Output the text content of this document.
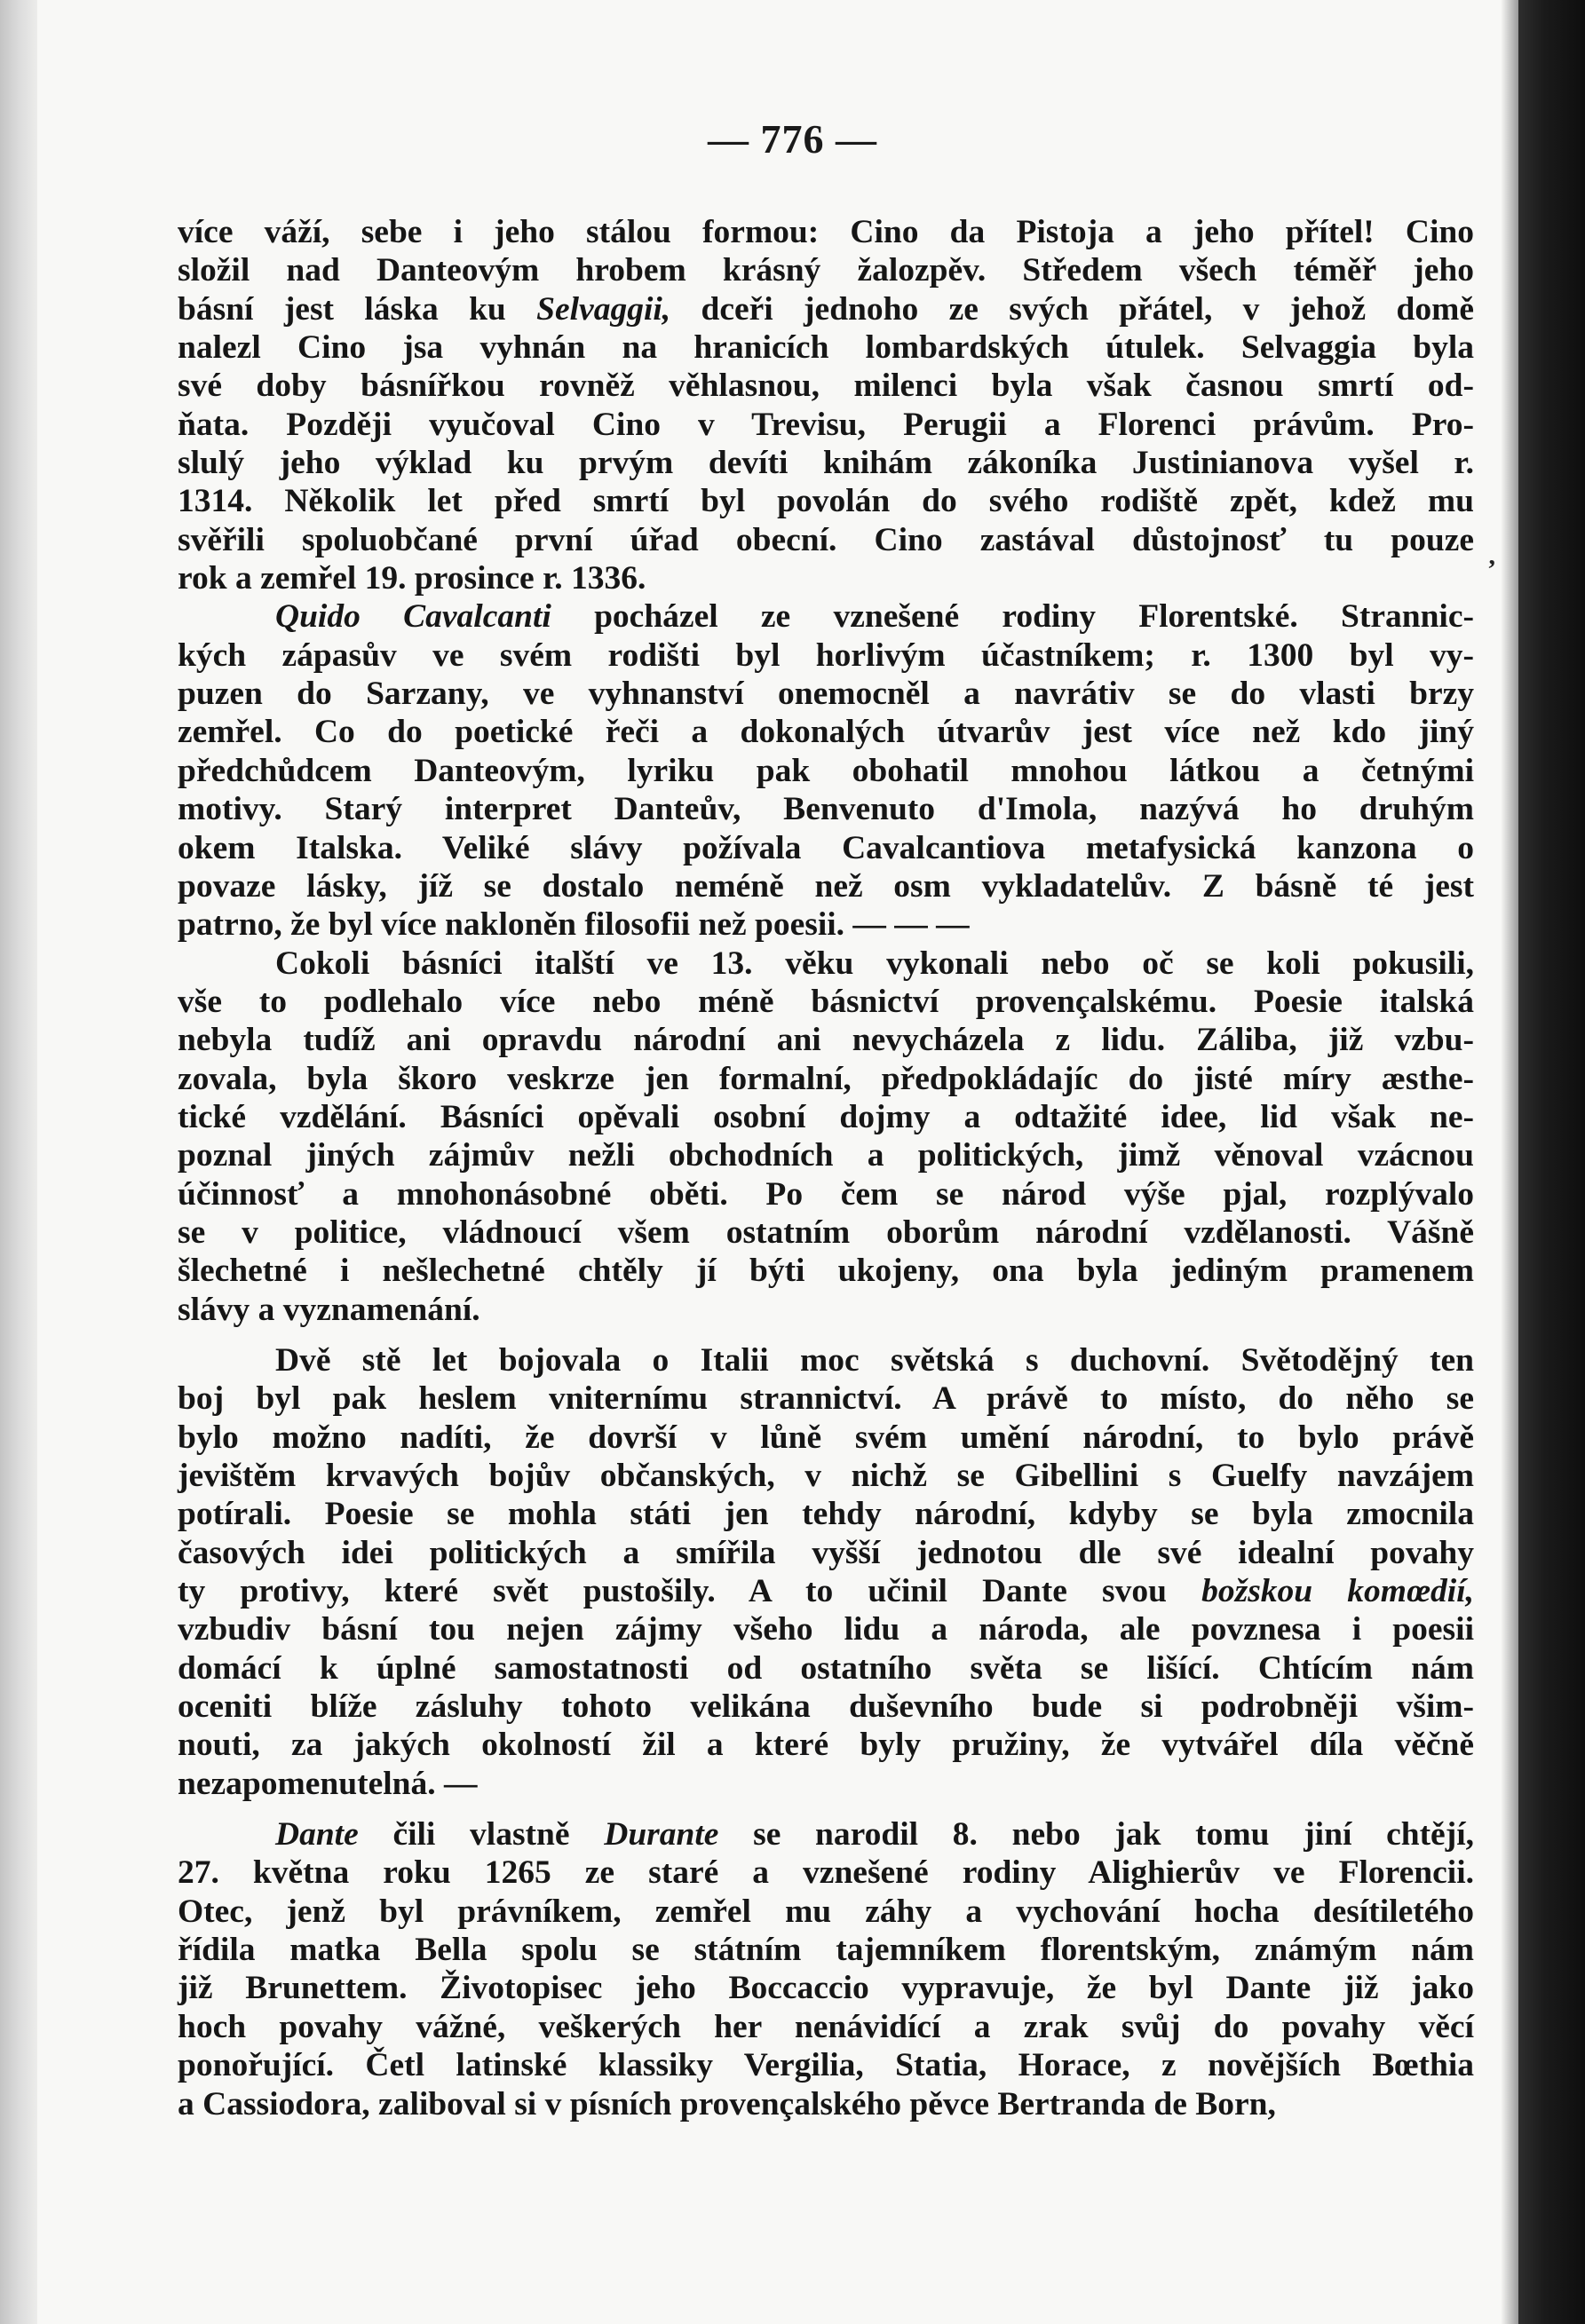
— 776 —
více váží, sebe i jeho stálou formou: Cino da Pistoja a jeho přítel! Cino
složil nad Danteovým hrobem krásný žalozpěv. Středem všech téměř jeho
básní jest láska ku Selvaggii, dceři jednoho ze svých přátel, v jehož domě
nalezl Cino jsa vyhnán na hranicích lombardských útulek. Selvaggia byla
své doby básnířkou rovněž věhlasnou, milenci byla však časnou smrtí od-
ňata. Později vyučoval Cino v Trevisu, Perugii a Florenci právům. Pro-
slulý jeho výklad ku prvým devíti knihám zákoníka Justinianova vyšel r.
1314. Několik let před smrtí byl povolán do svého rodiště zpět, kdež mu
svěřili spoluobčané první úřad obecní. Cino zastával důstojnosť tu pouze
rok a zemřel 19. prosince r. 1336.
Quido Cavalcanti pocházel ze vznešené rodiny Florentské. Strannic-
kých zápasův ve svém rodišti byl horlivým účastníkem; r. 1300 byl vy-
puzen do Sarzany, ve vyhnanství onemocněl a navrátiv se do vlasti brzy
zemřel. Co do poetické řeči a dokonalých útvarův jest více než kdo jiný
předchůdcem Danteovým, lyriku pak obohatil mnohou látkou a četnými
motivy. Starý interpret Danteův, Benvenuto d'Imola, nazývá ho druhým
okem Italska. Veliké slávy požívala Cavalcantiova metafysická kanzona o
povaze lásky, jíž se dostalo neméně než osm vykladatelův. Z básně té jest
patrno, že byl více nakloněn filosofii než poesii. — — —
Cokoli básníci italští ve 13. věku vykonali nebo oč se koli pokusili,
vše to podlehalo více nebo méně básnictví provençalskému. Poesie italská
nebyla tudíž ani opravdu národní ani nevycházela z lidu. Záliba, již vzbu-
zovala, byla škoro veskrze jen formalní, předpokládajíc do jisté míry æsthe-
tické vzdělání. Básníci opěvali osobní dojmy a odtažité idee, lid však ne-
poznal jiných zájmův nežli obchodních a politických, jimž věnoval vzácnou
účinnosť a mnohonásobné oběti. Po čem se národ výše pjal, rozplývalo
se v politice, vládnoucí všem ostatním oborům národní vzdělanosti. Vášně
šlechetné i nešlechetné chtěly jí býti ukojeny, ona byla jediným pramenem
slávy a vyznamenání.
Dvě stě let bojovala o Italii moc světská s duchovní. Světodějný ten
boj byl pak heslem vniternímu strannictví. A právě to místo, do něho se
bylo možno nadíti, že dovrší v lůně svém umění národní, to bylo právě
jevištěm krvavých bojův občanských, v nichž se Gibellini s Guelfy navzájem
potírali. Poesie se mohla státi jen tehdy národní, kdyby se byla zmocnila
časových idei politických a smířila vyšší jednotou dle své idealní povahy
ty protivy, které svět pustošily. A to učinil Dante svou božskou komœdií,
vzbudiv básní tou nejen zájmy všeho lidu a národa, ale povznesa i poesii
domácí k úplné samostatnosti od ostatního světa se lišící. Chtícím nám
oceniti blíže zásluhy tohoto velikána duševního bude si podrobněji všim-
nouti, za jakých okolností žil a které byly pružiny, že vytvářel díla věčně
nezapomenutelná. —
Dante čili vlastně Durante se narodil 8. nebo jak tomu jiní chtějí,
27. května roku 1265 ze staré a vznešené rodiny Alighierův ve Florencii.
Otec, jenž byl právníkem, zemřel mu záhy a vychování hocha desítiletého
řídila matka Bella spolu se státním tajemníkem florentským, známým nám
již Brunettem. Životopisec jeho Boccaccio vypravuje, že byl Dante již jako
hoch povahy vážné, veškerých her nenávidící a zrak svůj do povahy věcí
ponořující. Četl latinské klassiky Vergilia, Statia, Horace, z novějších Bœthia
a Cassiodora, zaliboval si v písních provençalského pěvce Bertranda de Born,
ʼ
